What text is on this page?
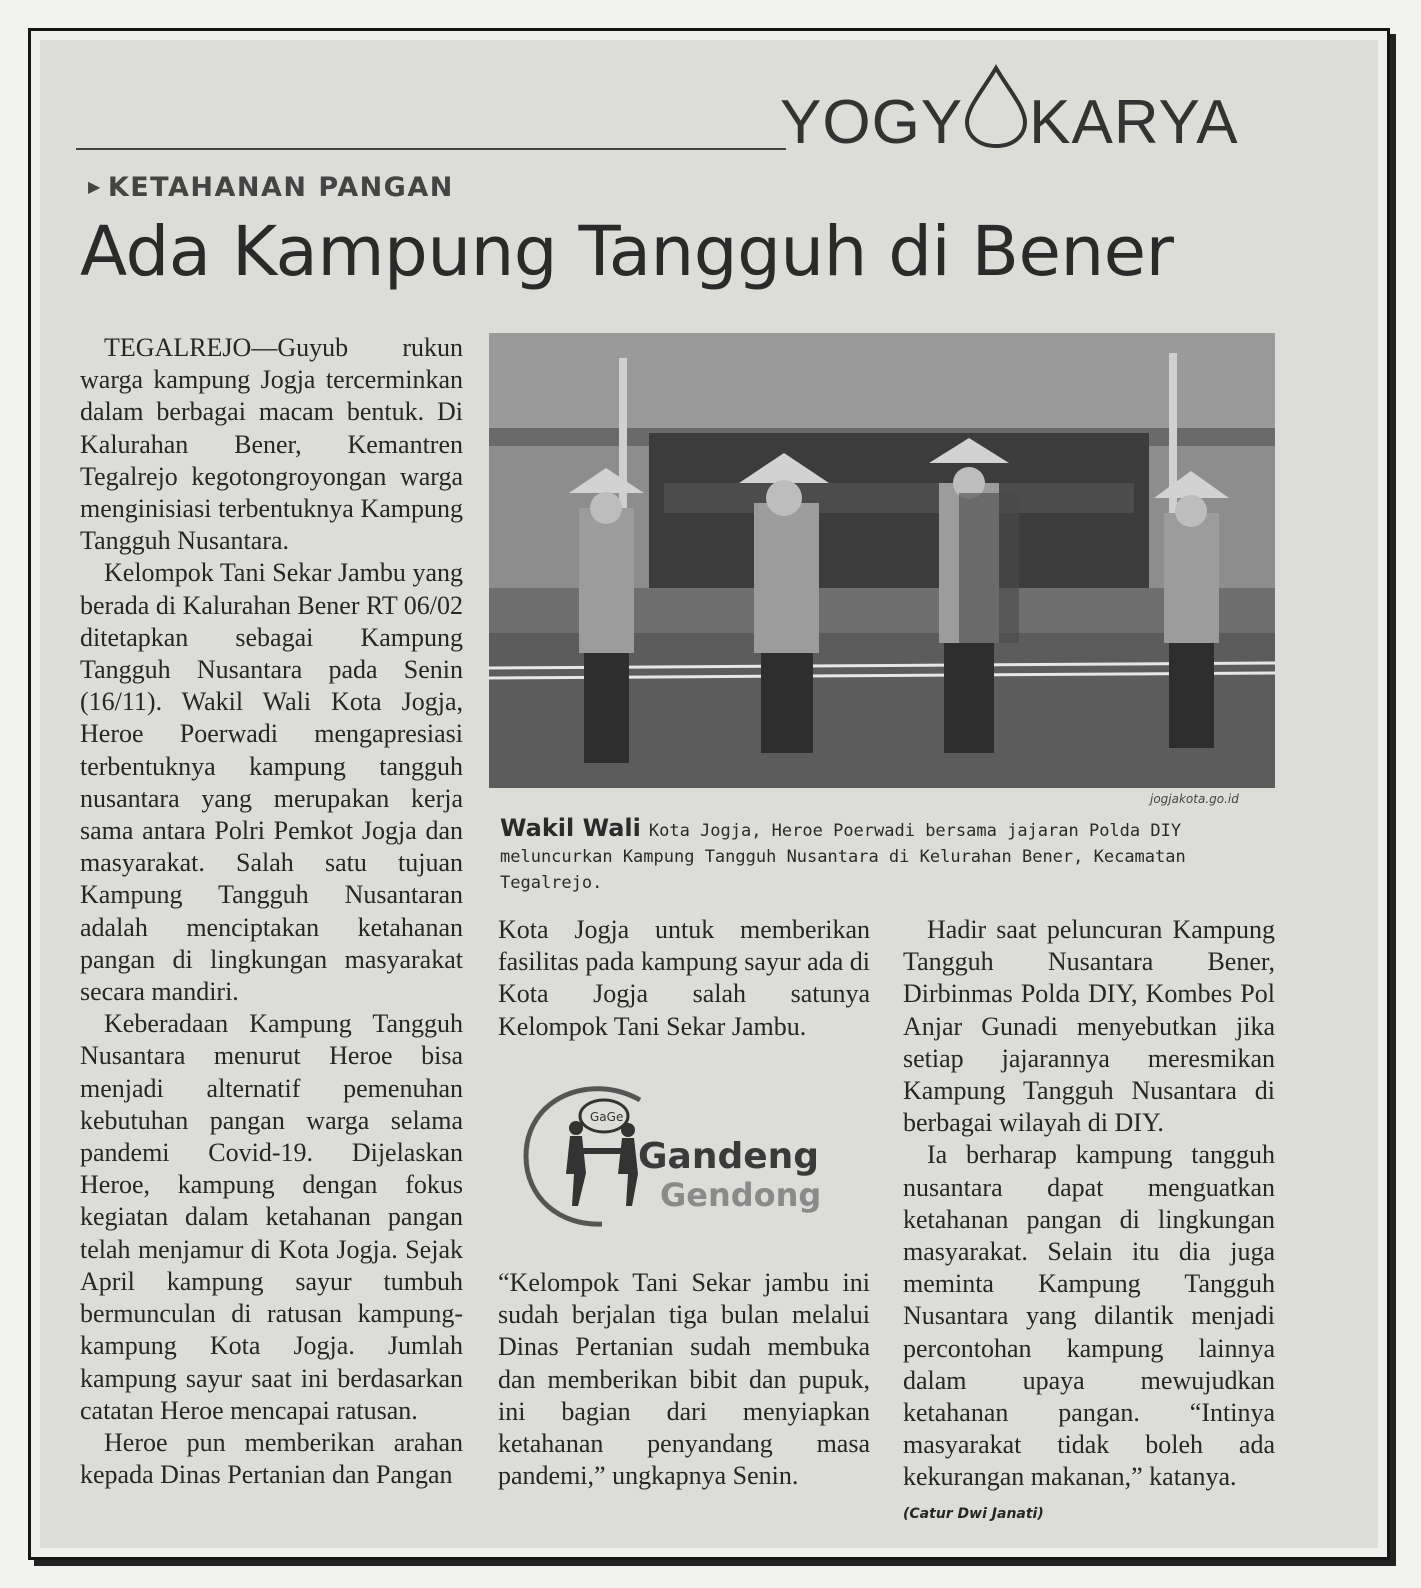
YOGY KARYA
▶ KETAHANAN PANGAN
Ada Kampung Tangguh di Bener

TEGALREJO—Guyub rukun warga kampung Jogja tercerminkan dalam berbagai macam bentuk. Di Kalurahan Bener, Kemantren Tegalrejo kegotongroyongan warga menginisiasi terbentuknya Kampung Tangguh Nusantara.

Kelompok Tani Sekar Jambu yang berada di Kalurahan Bener RT 06/02 ditetapkan sebagai Kampung Tangguh Nusantara pada Senin (16/11). Wakil Wali Kota Jogja, Heroe Poerwadi mengapresiasi terbentuknya kampung tangguh nusantara yang merupakan kerja sama antara Polri Pemkot Jogja dan masyarakat. Salah satu tujuan Kampung Tangguh Nusantaran adalah menciptakan ketahanan pangan di lingkungan masyarakat secara mandiri.

Keberadaan Kampung Tangguh Nusantara menurut Heroe bisa menjadi alternatif pemenuhan kebutuhan pangan warga selama pandemi Covid-19. Dijelaskan Heroe, kampung dengan fokus kegiatan dalam ketahanan pangan telah menjamur di Kota Jogja. Sejak April kampung sayur tumbuh bermunculan di ratusan kampung-kampung Kota Jogja. Jumlah kampung sayur saat ini berdasarkan catatan Heroe mencapai ratusan.

Heroe pun memberikan arahan kepada Dinas Pertanian dan Pangan

jogjakota.go.id
Wakil Wali Kota Jogja, Heroe Poerwadi bersama jajaran Polda DIY meluncurkan Kampung Tangguh Nusantara di Kelurahan Bener, Kecamatan Tegalrejo.

Kota Jogja untuk memberikan fasilitas pada kampung sayur ada di Kota Jogja salah satunya Kelompok Tani Sekar Jambu.

GaGe
Gandeng
Gendong

“Kelompok Tani Sekar jambu ini sudah berjalan tiga bulan melalui Dinas Pertanian sudah membuka dan memberikan bibit dan pupuk, ini bagian dari menyiapkan ketahanan penyandang masa pandemi,” ungkapnya Senin.

Hadir saat peluncuran Kampung Tangguh Nusantara Bener, Dirbinmas Polda DIY, Kombes Pol Anjar Gunadi menyebutkan jika setiap jajarannya meresmikan Kampung Tangguh Nusantara di berbagai wilayah di DIY.

Ia berharap kampung tangguh nusantara dapat menguatkan ketahanan pangan di lingkungan masyarakat. Selain itu dia juga meminta Kampung Tangguh Nusantara yang dilantik menjadi percontohan kampung lainnya dalam upaya mewujudkan ketahanan pangan. “Intinya masyarakat tidak boleh ada kekurangan makanan,” katanya.

(Catur Dwi Janati)
